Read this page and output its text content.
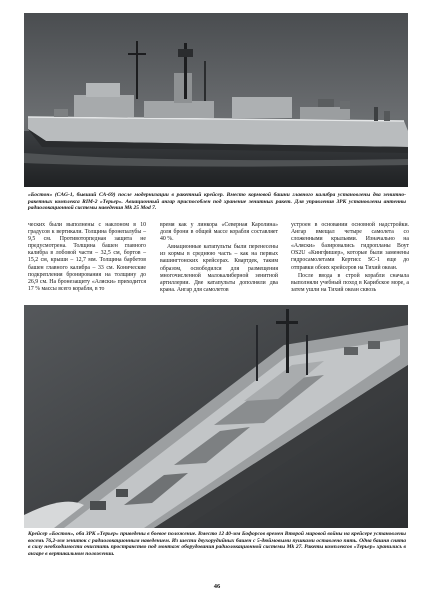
«Бостон» (CAG-1, бывший CA-69) после модернизации в ракетный крейсер. Вместо кормовой башни главного калибра установлены два зенитно-ракетных комплекса RIM-2 «Терьер». Авиационный ангар приспособлен под хранение зенитных ракет. Для управления ЗРК установлены антенны радиолокационной системы наведения Mk 25 Mod 7.

ческих были выполнены с наклоном в 10 градусов к вертикали. Толщина бронепалубы – 9,5 см. Противоторпедная защита не предусмотрена. Толщина башен главного калибра в лобовой части – 32,5 см, бортов – 15,2 см, крыши – 12,7 мм. Толщина барбетов башен главного калибра – 33 см. Конические подкрепления бронирования на толщину до 26,9 см. На бронезащиту «Аляски» приходится 17 % массы всего корабля, в то

время как у линкора «Северная Каролина» доля брони в общей массе корабля составляет 40 %.

Авиационные катапульты были перенесены из кормы в среднюю часть – как на первых вашингтонских крейсерах. Квартдек, таким образом, освободился для размещения многочисленной малокалиберной зенитной артиллерии. Две катапульты дополняли два крана. Ангар для самолетов

устроен в основании основной надстройки. Ангар вмещал четыре самолета со сложенными крыльями. Изначально на «Аляски» базировались гидропланы Воут OS2U «Кингфишер», которые были заменены гидросамолетами Кертисс SC-1 еще до отправки обоих крейсеров на Тихий океан.

После ввода в строй корабли сначала выполняли учебный поход в Карибское море, а затем ушли на Тихий океан сквозь

Крейсер «Бостон», оба ЗРК «Терьер» приведены в боевое положение. Вместо 12 40-мм Бофорсов времен Второй мировой войны на крейсере установлены восемь 76,2-мм зениток с радиолокационным наведением. Из шести двухорудийных башен с 5-дюймовыми пушками оставлено пять. Одна башня снята в силу необходимости очистить пространство под монтаж оборудования радиолокационной системы Mk 27. Ракеты комплексов «Терьер» хранились в ангаре в вертикальном положении.

46
